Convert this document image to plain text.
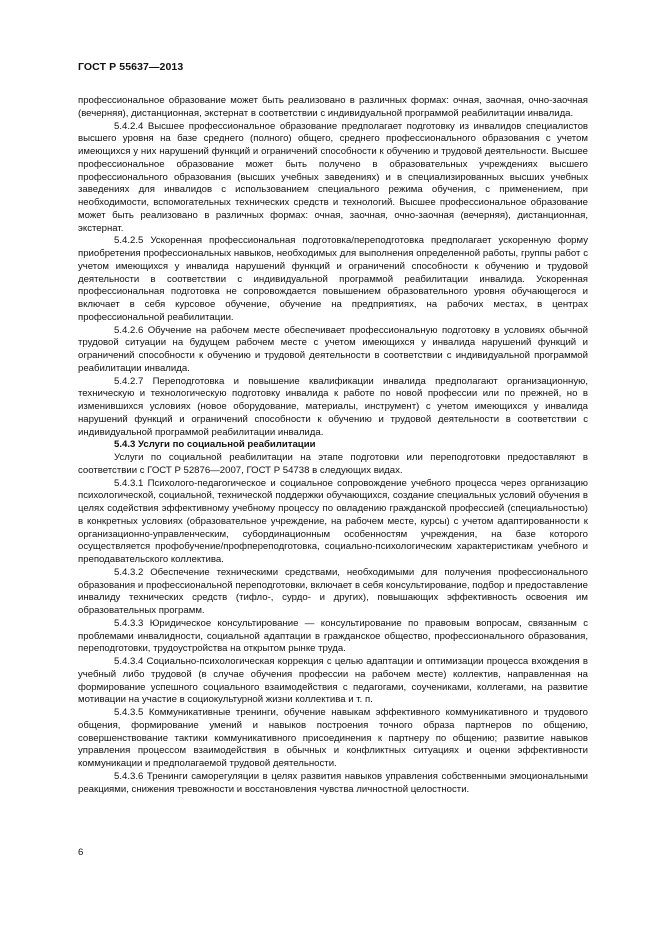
ГОСТ Р 55637—2013

профессиональное образование может быть реализовано в различных формах: очная, заочная, очно-заочная (вечерняя), дистанционная, экстернат в соответствии с индивидуальной программой реабилитации инвалида.

5.4.2.4 Высшее профессиональное образование предполагает подготовку из инвалидов специалистов высшего уровня на базе среднего (полного) общего, среднего профессионального образования с учетом имеющихся у них нарушений функций и ограничений способности к обучению и трудовой деятельности. Высшее профессиональное образование может быть получено в образовательных учреждениях высшего профессионального образования (высших учебных заведениях) и в специализированных высших учебных заведениях для инвалидов с использованием специального режима обучения, с применением, при необходимости, вспомогательных технических средств и технологий. Высшее профессиональное образование может быть реализовано в различных формах: очная, заочная, очно-заочная (вечерняя), дистанционная, экстернат.

5.4.2.5 Ускоренная профессиональная подготовка/переподготовка предполагает ускоренную форму приобретения профессиональных навыков, необходимых для выполнения определенной работы, группы работ с учетом имеющихся у инвалида нарушений функций и ограничений способности к обучению и трудовой деятельности в соответствии с индивидуальной программой реабилитации инвалида. Ускоренная профессиональная подготовка не сопровождается повышением образовательного уровня обучающегося и включает в себя курсовое обучение, обучение на предприятиях, на рабочих местах, в центрах профессиональной реабилитации.

5.4.2.6 Обучение на рабочем месте обеспечивает профессиональную подготовку в условиях обычной трудовой ситуации на будущем рабочем месте с учетом имеющихся у инвалида нарушений функций и ограничений способности к обучению и трудовой деятельности в соответствии с индивидуальной программой реабилитации инвалида.

5.4.2.7 Переподготовка и повышение квалификации инвалида предполагают организационную, техническую и технологическую подготовку инвалида к работе по новой профессии или по прежней, но в изменившихся условиях (новое оборудование, материалы, инструмент) с учетом имеющихся у инвалида нарушений функций и ограничений способности к обучению и трудовой деятельности в соответствии с индивидуальной программой реабилитации инвалида.

5.4.3 Услуги по социальной реабилитации

Услуги по социальной реабилитации на этапе подготовки или переподготовки предоставляют в соответствии с ГОСТ Р 52876—2007, ГОСТ Р 54738 в следующих видах.

5.4.3.1 Психолого-педагогическое и социальное сопровождение учебного процесса через организацию психологической, социальной, технической поддержки обучающихся, создание специальных условий обучения в целях содействия эффективному учебному процессу по овладению гражданской профессией (специальностью) в конкретных условиях (образовательное учреждение, на рабочем месте, курсы) с учетом адаптированности к организационно-управленческим, субординационным особенностям учреждения, на базе которого осуществляется профобучение/профпереподготовка, социально-психологическим характеристикам учебного и преподавательского коллектива.

5.4.3.2 Обеспечение техническими средствами, необходимыми для получения профессионального образования и профессиональной переподготовки, включает в себя консультирование, подбор и предоставление инвалиду технических средств (тифло-, сурдо- и других), повышающих эффективность освоения им образовательных программ.

5.4.3.3 Юридическое консультирование — консультирование по правовым вопросам, связанным с проблемами инвалидности, социальной адаптации в гражданское общество, профессионального образования, переподготовки, трудоустройства на открытом рынке труда.

5.4.3.4 Социально-психологическая коррекция с целью адаптации и оптимизации процесса вхождения в учебный либо трудовой (в случае обучения профессии на рабочем месте) коллектив, направленная на формирование успешного социального взаимодействия с педагогами, соучениками, коллегами, на развитие мотивации на участие в социокультурной жизни коллектива и т. п.

5.4.3.5 Коммуникативные тренинги, обучение навыкам эффективного коммуникативного и трудового общения, формирование умений и навыков построения точного образа партнеров по общению, совершенствование тактики коммуникативного присоединения к партнеру по общению; развитие навыков управления процессом взаимодействия в обычных и конфликтных ситуациях и оценки эффективности коммуникации и предполагаемой трудовой деятельности.

5.4.3.6 Тренинги саморегуляции в целях развития навыков управления собственными эмоциональными реакциями, снижения тревожности и восстановления чувства личностной целостности.

6
